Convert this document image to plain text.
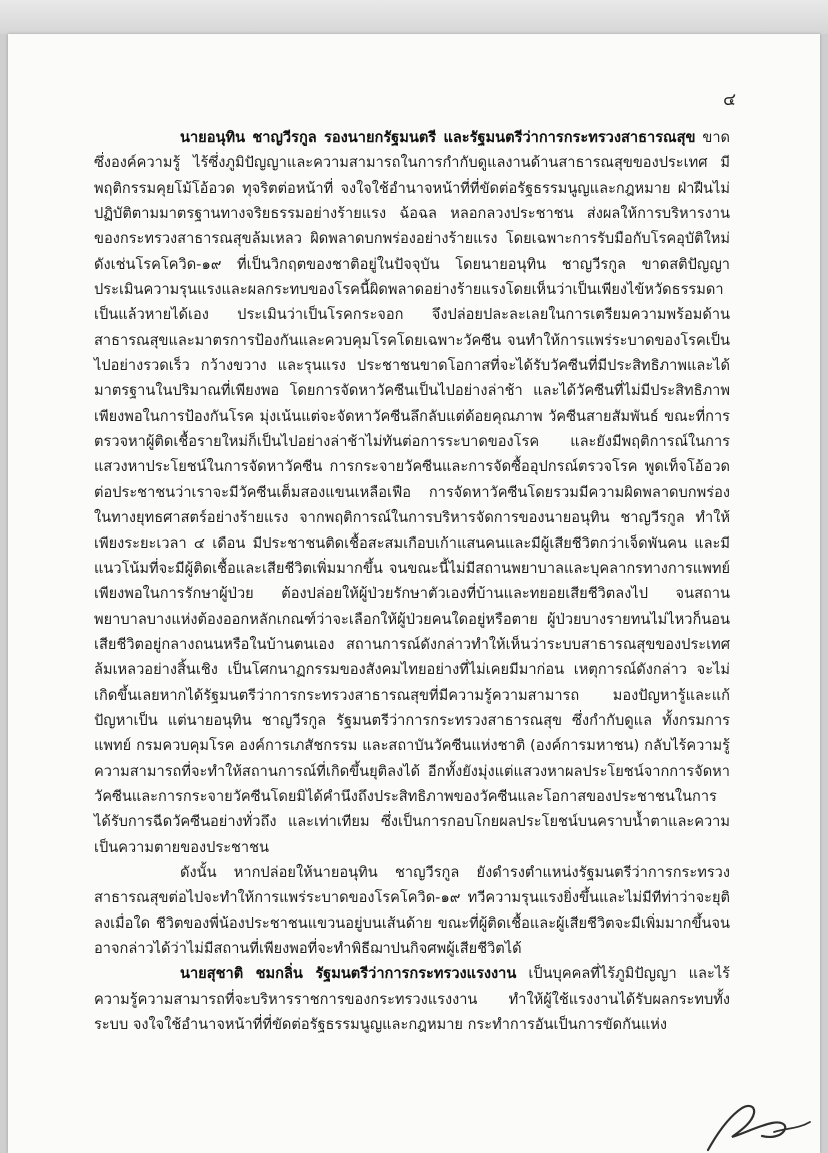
๔

นายอนุทิน ชาญวีรกูล รองนายกรัฐมนตรี และรัฐมนตรีว่าการกระทรวงสาธารณสุข ขาดซึ่งองค์ความรู้ ไร้ซึ่งภูมิปัญญาและความสามารถในการกำกับดูแลงานด้านสาธารณสุขของประเทศ มีพฤติกรรมคุยโม้โอ้อวด ทุจริตต่อหน้าที่ จงใจใช้อำนาจหน้าที่ที่ขัดต่อรัฐธรรมนูญและกฎหมาย ฝ่าฝืนไม่ปฏิบัติตามมาตรฐานทางจริยธรรมอย่างร้ายแรง ฉ้อฉล หลอกลวงประชาชน ส่งผลให้การบริหารงานของกระทรวงสาธารณสุขล้มเหลว ผิดพลาดบกพร่องอย่างร้ายแรง โดยเฉพาะการรับมือกับโรคอุบัติใหม่ ดังเช่นโรคโควิด-๑๙ ที่เป็นวิกฤตของชาติอยู่ในปัจจุบัน โดยนายอนุทิน ชาญวีรกูล ขาดสติปัญญาประเมินความรุนแรงและผลกระทบของโรคนี้ผิดพลาดอย่างร้ายแรงโดยเห็นว่าเป็นเพียงไข้หวัดธรรมดาเป็นแล้วหายได้เอง ประเมินว่าเป็นโรคกระจอก จึงปล่อยปละละเลยในการเตรียมความพร้อมด้านสาธารณสุขและมาตรการป้องกันและควบคุมโรคโดยเฉพาะวัคซีน จนทำให้การแพร่ระบาดของโรคเป็นไปอย่างรวดเร็ว กว้างขวาง และรุนแรง ประชาชนขาดโอกาสที่จะได้รับวัคซีนที่มีประสิทธิภาพและได้มาตรฐานในปริมาณที่เพียงพอ โดยการจัดหาวัคซีนเป็นไปอย่างล่าช้า และได้วัคซีนที่ไม่มีประสิทธิภาพเพียงพอในการป้องกันโรค มุ่งเน้นแต่จะจัดหาวัคซีนลึกลับแต่ด้อยคุณภาพ วัคซีนสายสัมพันธ์ ขณะที่การตรวจหาผู้ติดเชื้อรายใหม่ก็เป็นไปอย่างล่าช้าไม่ทันต่อการระบาดของโรค และยังมีพฤติการณ์ในการแสวงหาประโยชน์ในการจัดหาวัคซีน การกระจายวัคซีนและการจัดซื้ออุปกรณ์ตรวจโรค พูดเท็จโอ้อวดต่อประชาชนว่าเราจะมีวัคซีนเต็มสองแขนเหลือเฟือ การจัดหาวัคซีนโดยรวมมีความผิดพลาดบกพร่องในทางยุทธศาสตร์อย่างร้ายแรง จากพฤติการณ์ในการบริหารจัดการของนายอนุทิน ชาญวีรกูล ทำให้เพียงระยะเวลา ๔ เดือน มีประชาชนติดเชื้อสะสมเกือบเก้าแสนคนและมีผู้เสียชีวิตกว่าเจ็ดพันคน และมีแนวโน้มที่จะมีผู้ติดเชื้อและเสียชีวิตเพิ่มมากขึ้น จนขณะนี้ไม่มีสถานพยาบาลและบุคลากรทางการแพทย์เพียงพอในการรักษาผู้ป่วย ต้องปล่อยให้ผู้ป่วยรักษาตัวเองที่บ้านและทยอยเสียชีวิตลงไป จนสถานพยาบาลบางแห่งต้องออกหลักเกณฑ์ว่าจะเลือกให้ผู้ป่วยคนใดอยู่หรือตาย ผู้ป่วยบางรายทนไม่ไหวก็นอนเสียชีวิตอยู่กลางถนนหรือในบ้านตนเอง สถานการณ์ดังกล่าวทำให้เห็นว่าระบบสาธารณสุขของประเทศล้มเหลวอย่างสิ้นเชิง เป็นโศกนาฏกรรมของสังคมไทยอย่างที่ไม่เคยมีมาก่อน เหตุการณ์ดังกล่าว จะไม่เกิดขึ้นเลยหากได้รัฐมนตรีว่าการกระทรวงสาธารณสุขที่มีความรู้ความสามารถ มองปัญหารู้และแก้ปัญหาเป็น แต่นายอนุทิน ชาญวีรกูล รัฐมนตรีว่าการกระทรวงสาธารณสุข ซึ่งกำกับดูแล ทั้งกรมการแพทย์ กรมควบคุมโรค องค์การเภสัชกรรม และสถาบันวัคซีนแห่งชาติ (องค์การมหาชน) กลับไร้ความรู้ความสามารถที่จะทำให้สถานการณ์ที่เกิดขึ้นยุติลงได้ อีกทั้งยังมุ่งแต่แสวงหาผลประโยชน์จากการจัดหาวัคซีนและการกระจายวัคซีนโดยมิได้คำนึงถึงประสิทธิภาพของวัคซีนและโอกาสของประชาชนในการได้รับการฉีดวัคซีนอย่างทั่วถึง และเท่าเทียม ซึ่งเป็นการกอบโกยผลประโยชน์บนคราบน้ำตาและความเป็นความตายของประชาชน

ดังนั้น หากปล่อยให้นายอนุทิน ชาญวีรกูล ยังดำรงตำแหน่งรัฐมนตรีว่าการกระทรวงสาธารณสุขต่อไปจะทำให้การแพร่ระบาดของโรคโควิด-๑๙ ทวีความรุนแรงยิ่งขึ้นและไม่มีทีท่าว่าจะยุติลงเมื่อใด ชีวิตของพี่น้องประชาชนแขวนอยู่บนเส้นด้าย ขณะที่ผู้ติดเชื้อและผู้เสียชีวิตจะมีเพิ่มมากขึ้นจนอาจกล่าวได้ว่าไม่มีสถานที่เพียงพอที่จะทำพิธีฌาปนกิจศพผู้เสียชีวิตได้

นายสุชาติ ชมกลิ่น รัฐมนตรีว่าการกระทรวงแรงงาน เป็นบุคคลที่ไร้ภูมิปัญญา และไร้ความรู้ความสามารถที่จะบริหารราชการของกระทรวงแรงงาน ทำให้ผู้ใช้แรงงานได้รับผลกระทบทั้งระบบ จงใจใช้อำนาจหน้าที่ที่ขัดต่อรัฐธรรมนูญและกฎหมาย กระทำการอันเป็นการขัดกันแห่ง
